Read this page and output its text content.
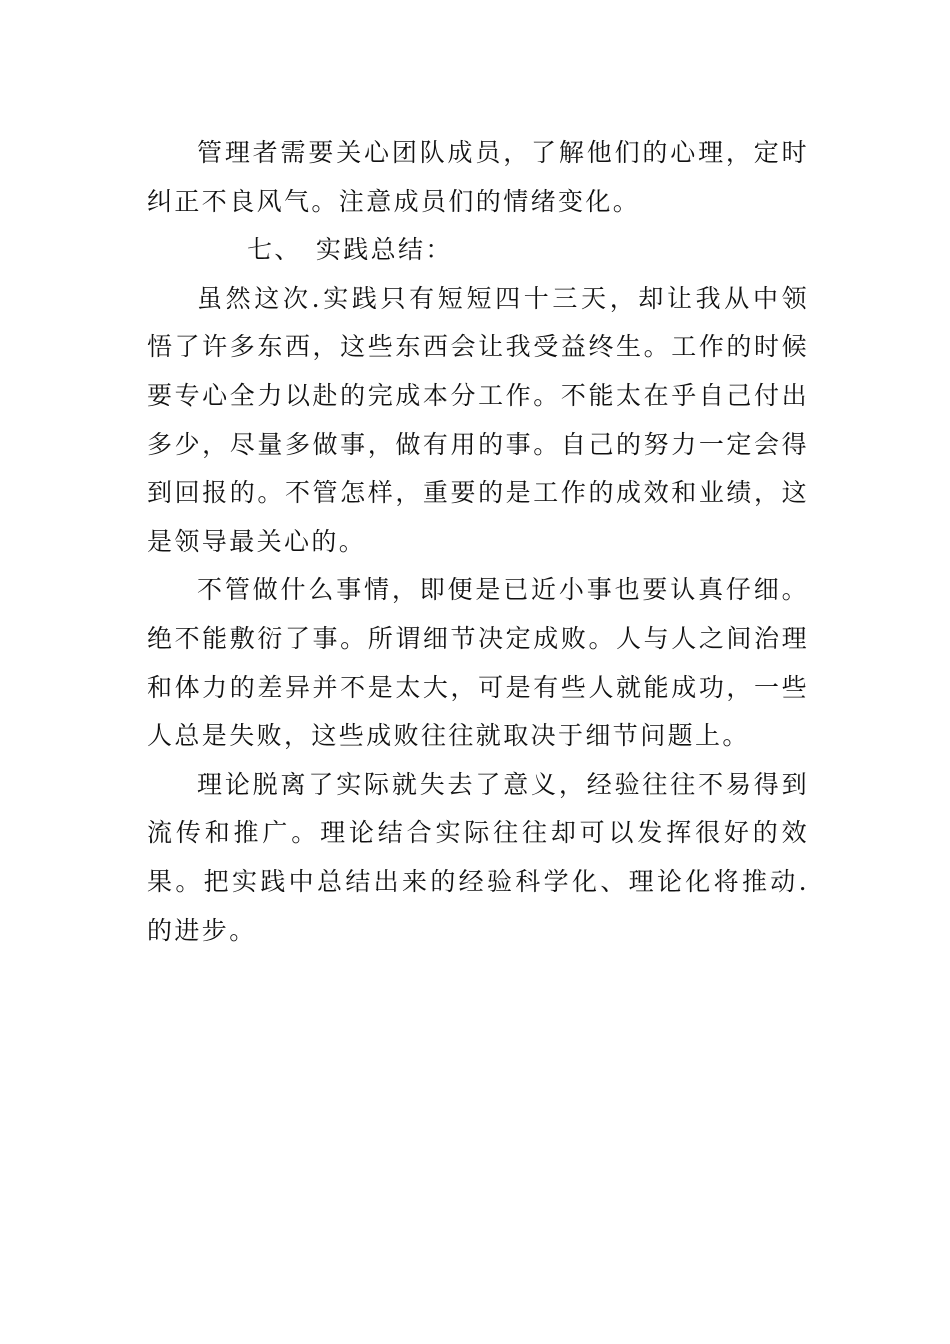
管理者需要关心团队成员，了解他们的心理，定时纠正不良风气。注意成员们的情绪变化。

七、 实践总结：

虽然这次.实践只有短短四十三天，却让我从中领悟了许多东西，这些东西会让我受益终生。工作的时候要专心全力以赴的完成本分工作。不能太在乎自己付出多少，尽量多做事，做有用的事。自己的努力一定会得到回报的。不管怎样，重要的是工作的成效和业绩，这是领导最关心的。

不管做什么事情，即便是已近小事也要认真仔细。绝不能敷衍了事。所谓细节决定成败。人与人之间治理和体力的差异并不是太大，可是有些人就能成功，一些人总是失败，这些成败往往就取决于细节问题上。

理论脱离了实际就失去了意义，经验往往不易得到流传和推广。理论结合实际往往却可以发挥很好的效果。把实践中总结出来的经验科学化、理论化将推动.的进步。
